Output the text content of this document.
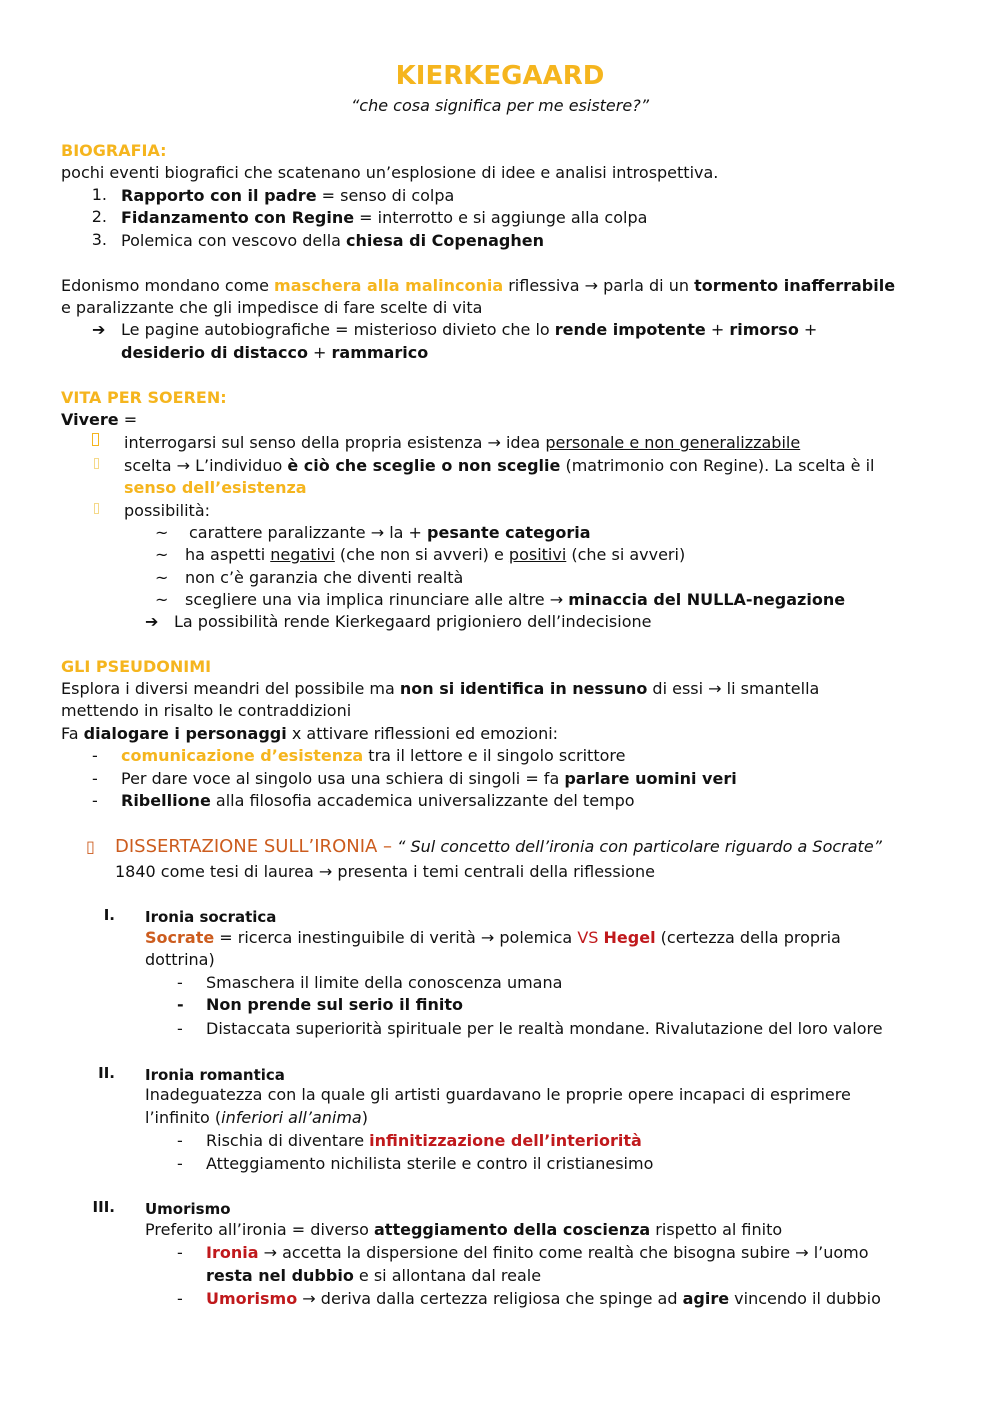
KIERKEGAARD
“che cosa significa per me esistere?”
BIOGRAFIA:
pochi eventi biografici che scatenano un’esplosione di idee e analisi introspettiva.
1. Rapporto con il padre = senso di colpa
2. Fidanzamento con Regine = interrotto e si aggiunge alla colpa
3. Polemica con vescovo della chiesa di Copenaghen
Edonismo mondano come maschera alla malinconia riflessiva → parla di un tormento inafferrabile
e paralizzante che gli impedisce di fare scelte di vita
➔ Le pagine autobiografiche = misterioso divieto che lo rende impotente + rimorso +
desiderio di distacco + rammarico
VITA PER SOEREN:
Vivere =
interrogarsi sul senso della propria esistenza → idea personale e non generalizzabile
scelta → L’individuo è ciò che sceglie o non sceglie (matrimonio con Regine). La scelta è il
senso dell’esistenza
possibilità:
~ carattere paralizzante → la + pesante categoria
~ ha aspetti negativi (che non si avveri) e positivi (che si avveri)
~ non c’è garanzia che diventi realtà
~ scegliere una via implica rinunciare alle altre → minaccia del NULLA-negazione
➔ La possibilità rende Kierkegaard prigioniero dell’indecisione
GLI PSEUDONIMI
Esplora i diversi meandri del possibile ma non si identifica in nessuno di essi → li smantella
mettendo in risalto le contraddizioni
Fa dialogare i personaggi x attivare riflessioni ed emozioni:
- comunicazione d’esistenza tra il lettore e il singolo scrittore
- Per dare voce al singolo usa una schiera di singoli = fa parlare uomini veri
- Ribellione alla filosofia accademica universalizzante del tempo
▯ DISSERTAZIONE SULL’IRONIA – “ Sul concetto dell’ironia con particolare riguardo a Socrate”
1840 come tesi di laurea → presenta i temi centrali della riflessione
I. Ironia socratica
Socrate = ricerca inestinguibile di verità → polemica VS Hegel (certezza della propria
dottrina)
- Smaschera il limite della conoscenza umana
- Non prende sul serio il finito
- Distaccata superiorità spirituale per le realtà mondane. Rivalutazione del loro valore
II. Ironia romantica
Inadeguatezza con la quale gli artisti guardavano le proprie opere incapaci di esprimere
l’infinito (inferiori all’anima)
- Rischia di diventare infinitizzazione dell’interiorità
- Atteggiamento nichilista sterile e contro il cristianesimo
III. Umorismo
Preferito all’ironia = diverso atteggiamento della coscienza rispetto al finito
- Ironia → accetta la dispersione del finito come realtà che bisogna subire → l’uomo
resta nel dubbio e si allontana dal reale
- Umorismo → deriva dalla certezza religiosa che spinge ad agire vincendo il dubbio
